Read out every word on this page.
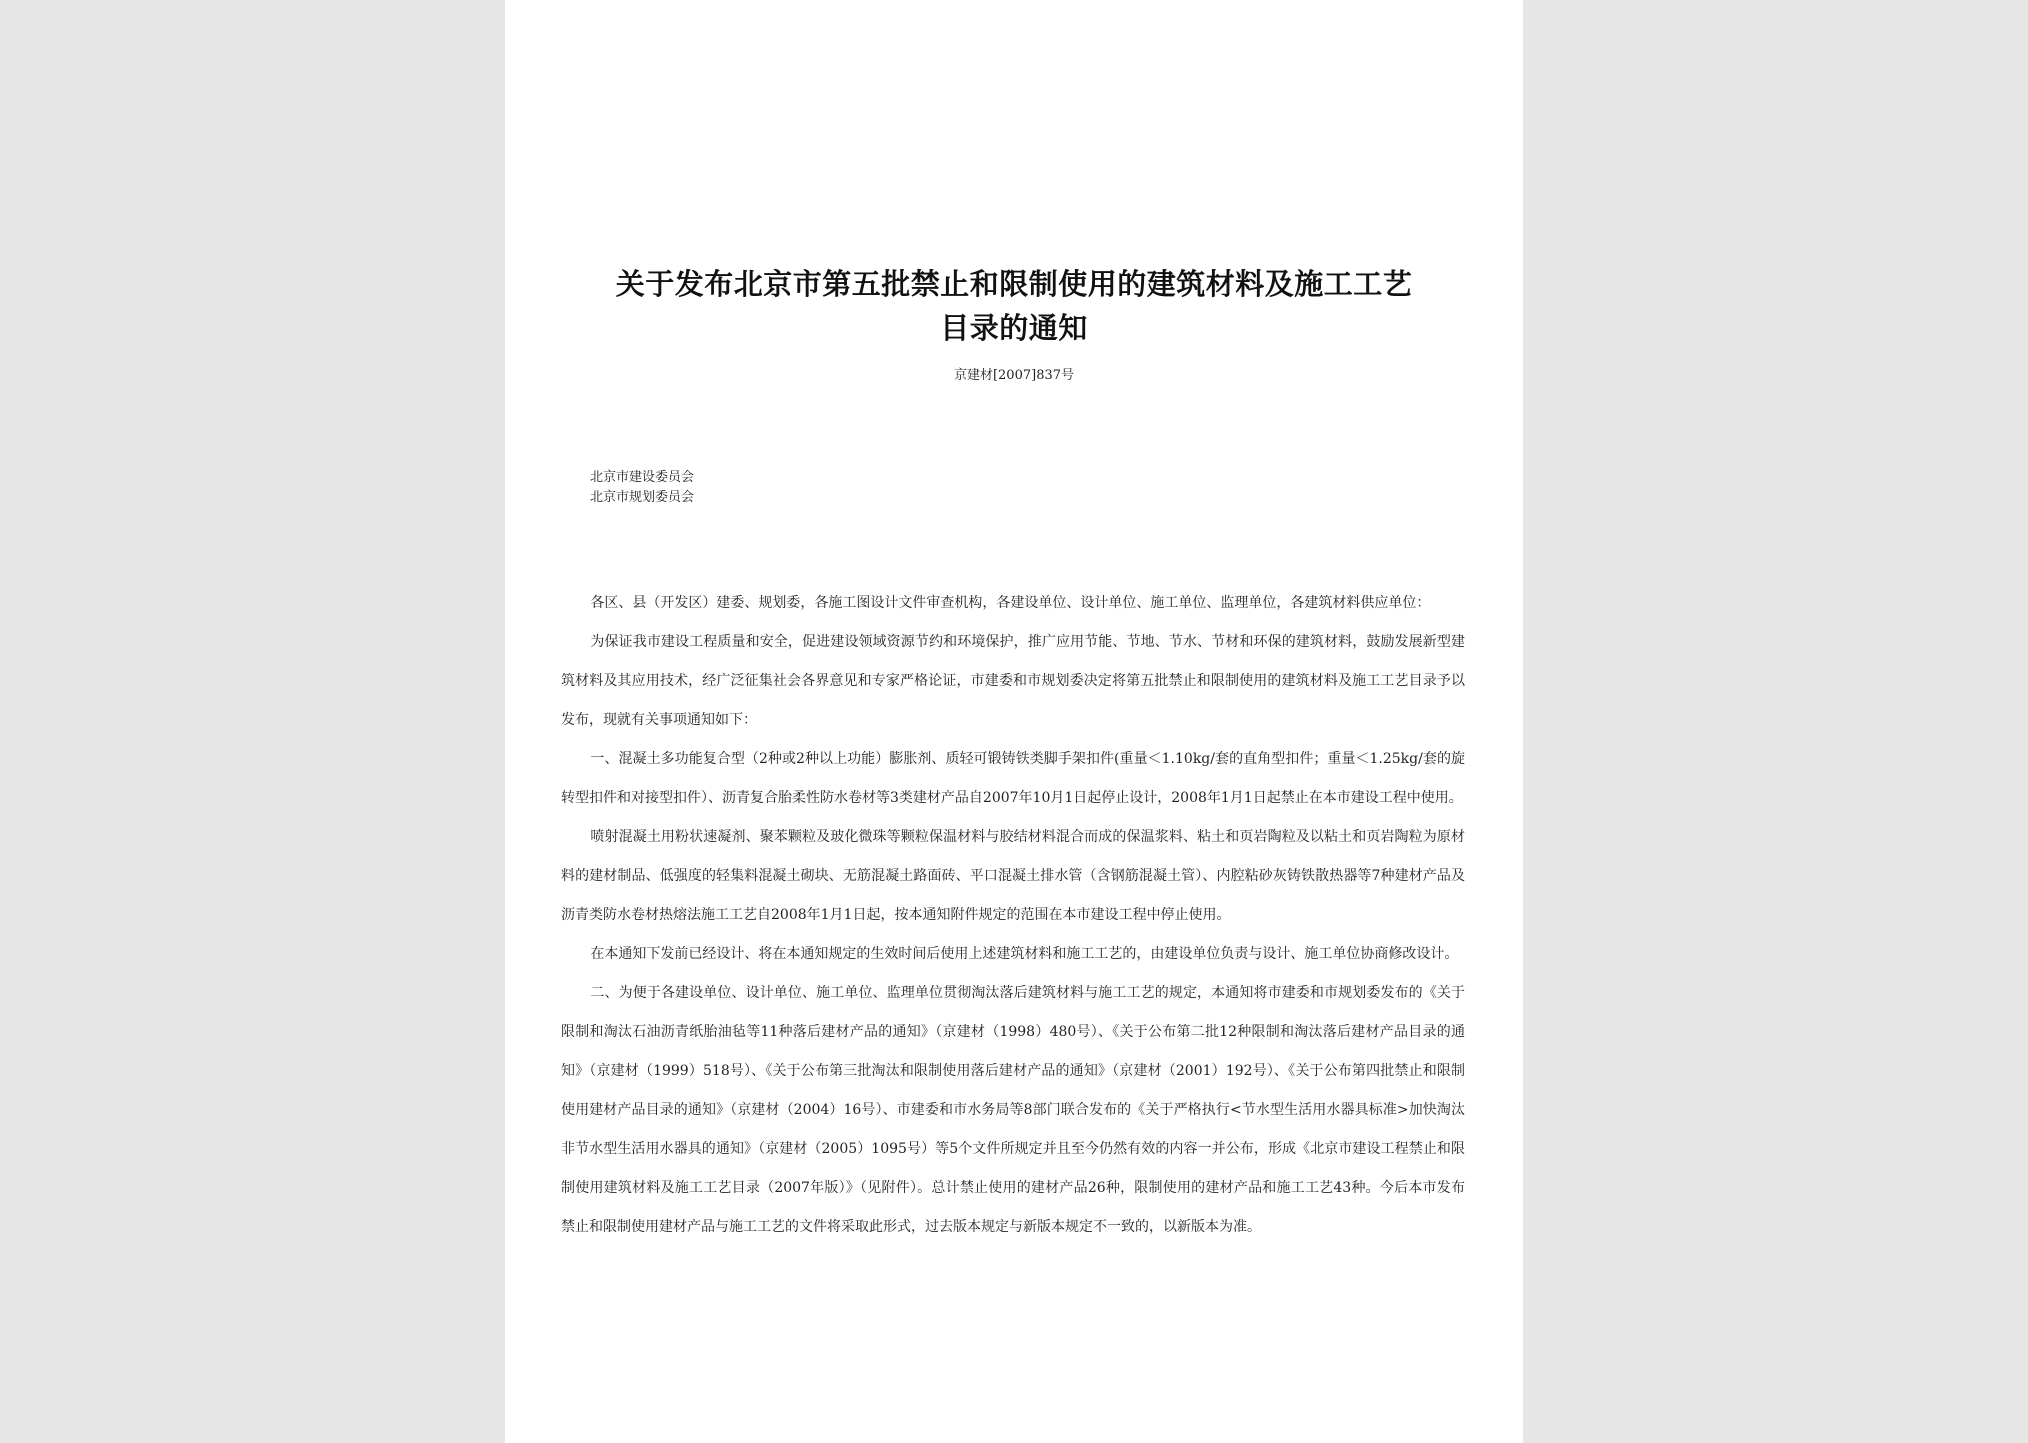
关于发布北京市第五批禁止和限制使用的建筑材料及施工工艺
目录的通知
京建材[2007]837号
北京市建设委员会
北京市规划委员会

各区、县（开发区）建委、规划委，各施工图设计文件审查机构，各建设单位、设计单位、施工单位、监理单位，各建筑材料供应单位：

为保证我市建设工程质量和安全，促进建设领域资源节约和环境保护，推广应用节能、节地、节水、节材和环保的建筑材料，鼓励发展新型建筑材料及其应用技术，经广泛征集社会各界意见和专家严格论证，市建委和市规划委决定将第五批禁止和限制使用的建筑材料及施工工艺目录予以发布，现就有关事项通知如下：

一、混凝土多功能复合型（2种或2种以上功能）膨胀剂、质轻可锻铸铁类脚手架扣件(重量＜1.10kg/套的直角型扣件；重量＜1.25kg/套的旋转型扣件和对接型扣件）、沥青复合胎柔性防水卷材等3类建材产品自2007年10月1日起停止设计，2008年1月1日起禁止在本市建设工程中使用。

喷射混凝土用粉状速凝剂、聚苯颗粒及玻化微珠等颗粒保温材料与胶结材料混合而成的保温浆料、粘土和页岩陶粒及以粘土和页岩陶粒为原材料的建材制品、低强度的轻集料混凝土砌块、无筋混凝土路面砖、平口混凝土排水管（含钢筋混凝土管）、内腔粘砂灰铸铁散热器等7种建材产品及沥青类防水卷材热熔法施工工艺自2008年1月1日起，按本通知附件规定的范围在本市建设工程中停止使用。

在本通知下发前已经设计、将在本通知规定的生效时间后使用上述建筑材料和施工工艺的，由建设单位负责与设计、施工单位协商修改设计。

二、为便于各建设单位、设计单位、施工单位、监理单位贯彻淘汰落后建筑材料与施工工艺的规定，本通知将市建委和市规划委发布的《关于限制和淘汰石油沥青纸胎油毡等11种落后建材产品的通知》（京建材（1998）480号）、《关于公布第二批12种限制和淘汰落后建材产品目录的通知》（京建材（1999）518号）、《关于公布第三批淘汰和限制使用落后建材产品的通知》（京建材（2001）192号）、《关于公布第四批禁止和限制使用建材产品目录的通知》（京建材（2004）16号）、市建委和市水务局等8部门联合发布的《关于严格执行<节水型生活用水器具标准>加快淘汰非节水型生活用水器具的通知》（京建材（2005）1095号）等5个文件所规定并且至今仍然有效的内容一并公布，形成《北京市建设工程禁止和限制使用建筑材料及施工工艺目录（2007年版）》（见附件）。总计禁止使用的建材产品26种，限制使用的建材产品和施工工艺43种。今后本市发布禁止和限制使用建材产品与施工工艺的文件将采取此形式，过去版本规定与新版本规定不一致的，以新版本为准。
